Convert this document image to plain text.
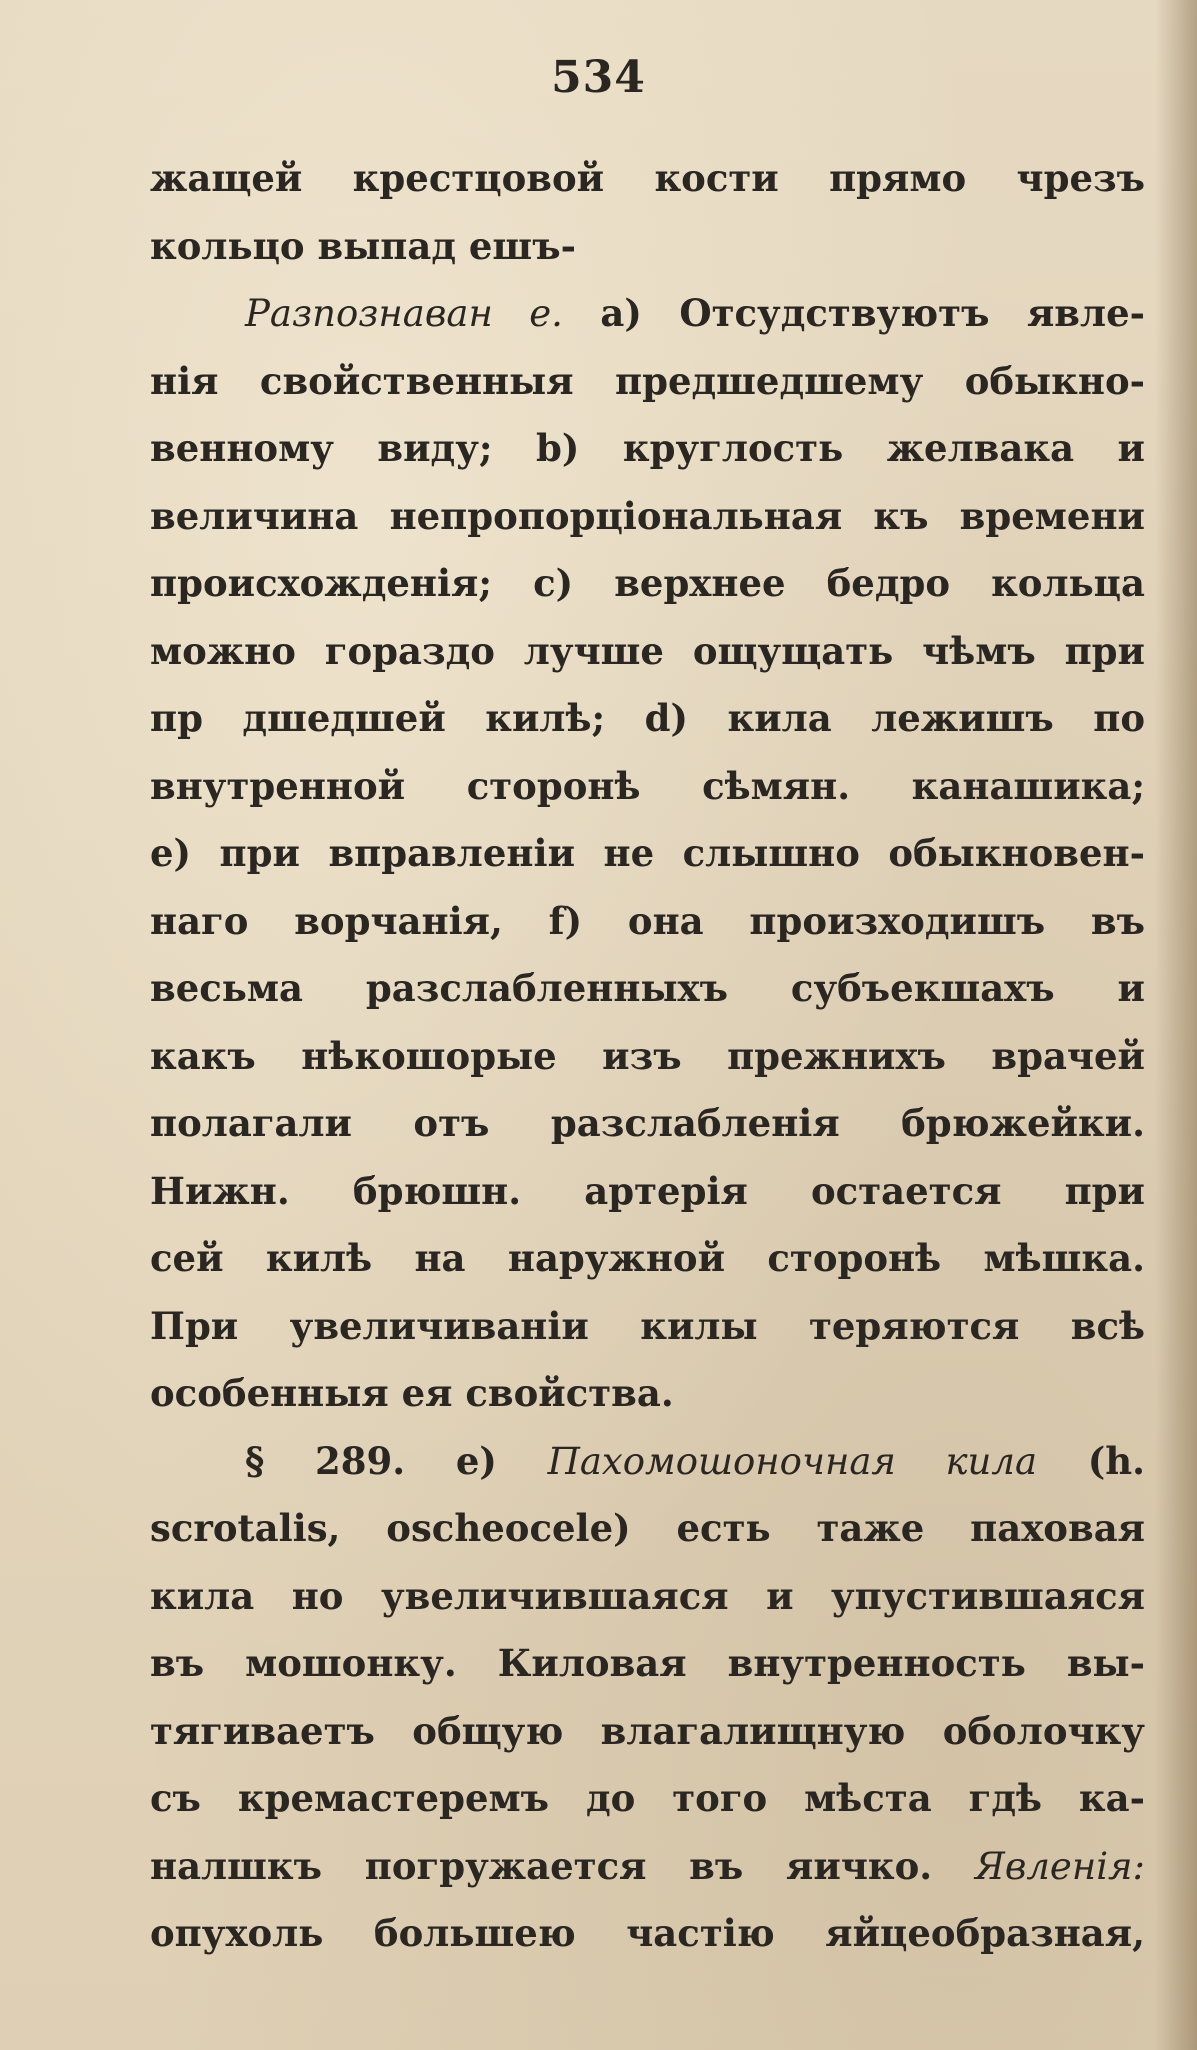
534
жащей крестцовой кости прямо чрезъ
кольцо выпад ешъ-
Разпознаван е. а) Отсудствуютъ явле-
нія свойственныя предшедшему обыкно-
венному виду; b) круглость желвака и
величина непропорціональная къ времени
происхожденія; с) верхнее бедро кольца
можно гораздо лучше ощущать чѣмъ при
пр дшедшей килѣ; d) кила лежишъ по
внутренной сторонѣ сѣмян. канашика;
е) при вправленіи не слышно обыкновен-
наго ворчанія, f) она произходишъ въ
весьма разслабленныхъ субъекшахъ и
какъ нѣкошорые изъ прежнихъ врачей
полагали отъ разслабленія брюжейки.
Нижн. брюшн. артерія остается при
сей килѣ на наружной сторонѣ мѣшка.
При увеличиваніи килы теряются всѣ
особенныя ея свойства.
§ 289. е) Пахомошоночная кила (h.
scrotalis, oscheocele) есть таже паховая
кила но увеличившаяся и упустившаяся
въ мошонку. Киловая внутренность вы-
тягиваетъ общую влагалищную оболочку
съ кремастеремъ до того мѣста гдѣ ка-
налшкъ погружается въ яичко. Явленія:
опухоль большею частію яйцеобразная,
